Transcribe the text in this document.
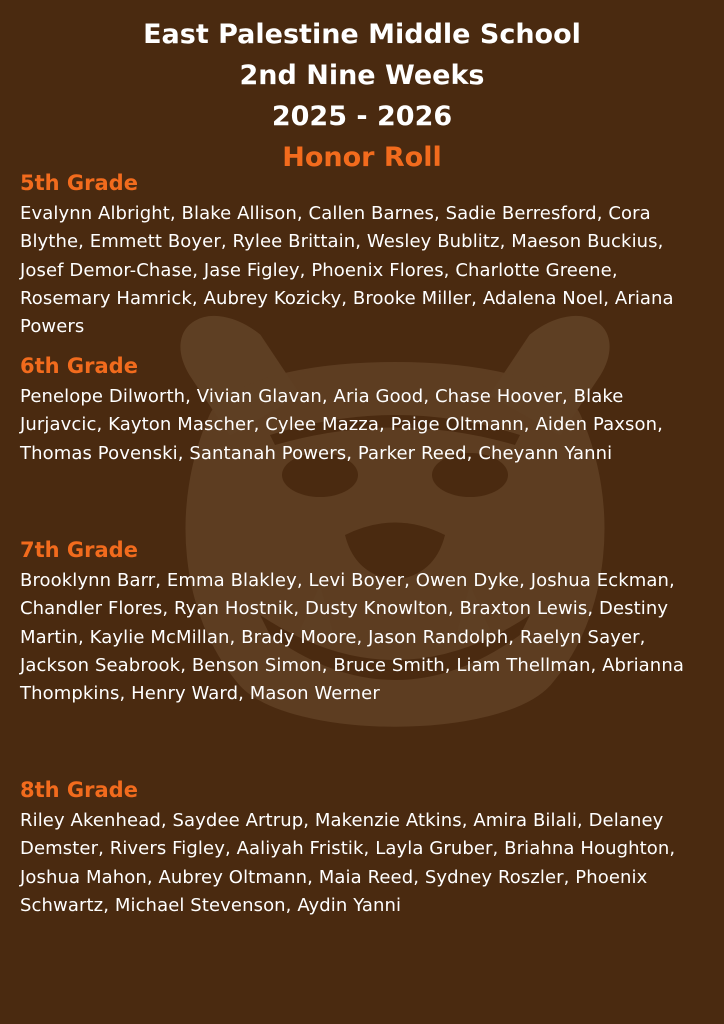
East Palestine Middle School
2nd Nine Weeks
2025 - 2026
Honor Roll
5th Grade
Evalynn Albright, Blake Allison, Callen Barnes, Sadie Berresford, Cora Blythe, Emmett Boyer, Rylee Brittain, Wesley Bublitz, Maeson Buckius, Josef Demor-Chase, Jase Figley, Phoenix Flores, Charlotte Greene, Rosemary Hamrick, Aubrey Kozicky, Brooke Miller, Adalena Noel, Ariana Powers
6th Grade
Penelope Dilworth, Vivian Glavan, Aria Good, Chase Hoover, Blake Jurjavcic, Kayton Mascher, Cylee Mazza, Paige Oltmann, Aiden Paxson, Thomas Povenski, Santanah Powers, Parker Reed, Cheyann Yanni
7th Grade
Brooklynn Barr, Emma Blakley, Levi Boyer, Owen Dyke, Joshua Eckman, Chandler Flores, Ryan Hostnik, Dusty Knowlton, Braxton Lewis, Destiny Martin, Kaylie McMillan, Brady Moore, Jason Randolph, Raelyn Sayer, Jackson Seabrook, Benson Simon, Bruce Smith, Liam Thellman, Abrianna Thompkins, Henry Ward, Mason Werner
8th Grade
Riley Akenhead, Saydee Artrup, Makenzie Atkins, Amira Bilali, Delaney Demster, Rivers Figley, Aaliyah Fristik, Layla Gruber, Briahna Houghton, Joshua Mahon, Aubrey Oltmann, Maia Reed, Sydney Roszler, Phoenix Schwartz, Michael Stevenson, Aydin Yanni
